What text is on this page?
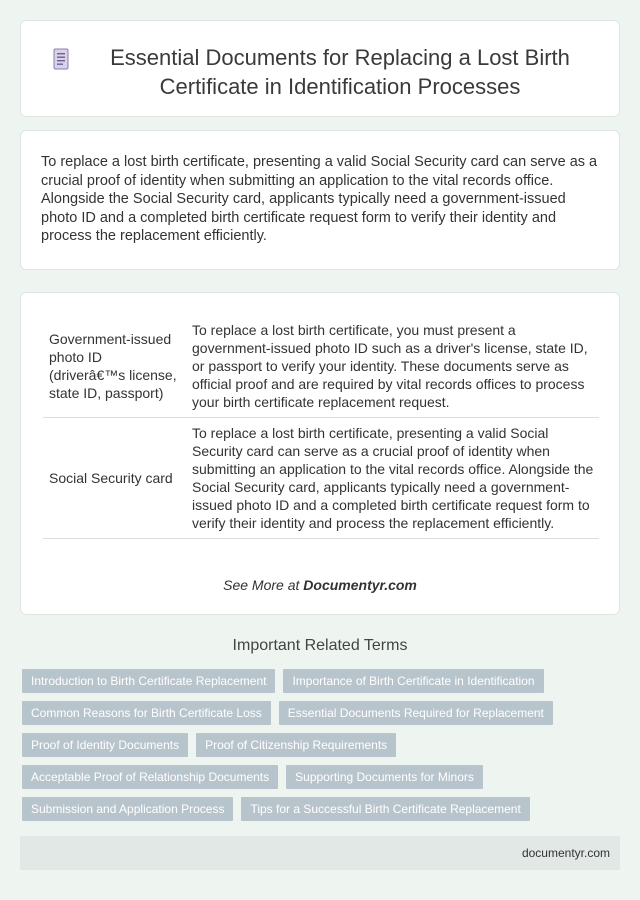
Essential Documents for Replacing a Lost Birth Certificate in Identification Processes

To replace a lost birth certificate, presenting a valid Social Security card can serve as a crucial proof of identity when submitting an application to the vital records office. Alongside the Social Security card, applicants typically need a government-issued photo ID and a completed birth certificate request form to verify their identity and process the replacement efficiently.

Government-issued photo ID (driverâ€™s license, state ID, passport)	To replace a lost birth certificate, you must present a government-issued photo ID such as a driver's license, state ID, or passport to verify your identity. These documents serve as official proof and are required by vital records offices to process your birth certificate replacement request.
Social Security card	To replace a lost birth certificate, presenting a valid Social Security card can serve as a crucial proof of identity when submitting an application to the vital records office. Alongside the Social Security card, applicants typically need a government-issued photo ID and a completed birth certificate request form to verify their identity and process the replacement efficiently.
See More at Documentyr.com
Important Related Terms
Introduction to Birth Certificate Replacement	Importance of Birth Certificate in Identification
Common Reasons for Birth Certificate Loss	Essential Documents Required for Replacement
Proof of Identity Documents	Proof of Citizenship Requirements
Acceptable Proof of Relationship Documents	Supporting Documents for Minors
Submission and Application Process	Tips for a Successful Birth Certificate Replacement
documentyr.com
